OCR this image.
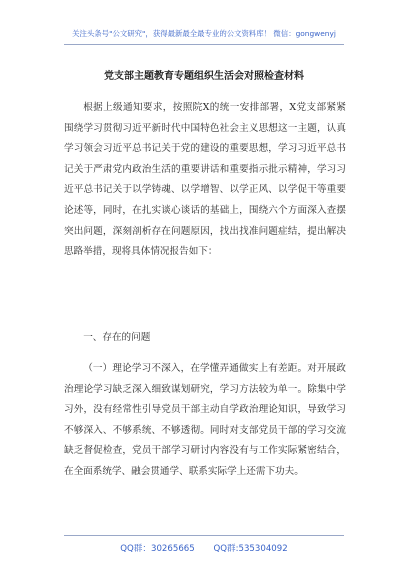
关注头条号"公文研究"，获得最新最全最专业的公文资料库！ 微信：gongwenyj
党支部主题教育专题组织生活会对照检查材料

根据上级通知要求，按照院X的统一安排部署，X党支部紧紧围绕学习贯彻习近平新时代中国特色社会主义思想这一主题，认真学习领会习近平总书记关于党的建设的重要思想，学习习近平总书记关于严肃党内政治生活的重要讲话和重要指示批示精神，学习习近平总书记关于以学铸魂、以学增智、以学正风、以学促干等重要论述等，同时，在扎实谈心谈话的基础上，围绕六个方面深入查摆突出问题，深刻剖析存在问题原因，找出找准问题症结，提出解决思路举措，现将具体情况报告如下：

一、存在的问题

（一）理论学习不深入，在学懂弄通做实上有差距。对开展政治理论学习缺乏深入细致谋划研究，学习方法较为单一。除集中学习外，没有经常性引导党员干部主动自学政治理论知识，导致学习不够深入、不够系统、不够透彻。同时对支部党员干部的学习交流缺乏督促检查，党员干部学习研讨内容没有与工作实际紧密结合，在全面系统学、融会贯通学、联系实际学上还需下功夫。

QQ群：30265665 QQ群:535304092
